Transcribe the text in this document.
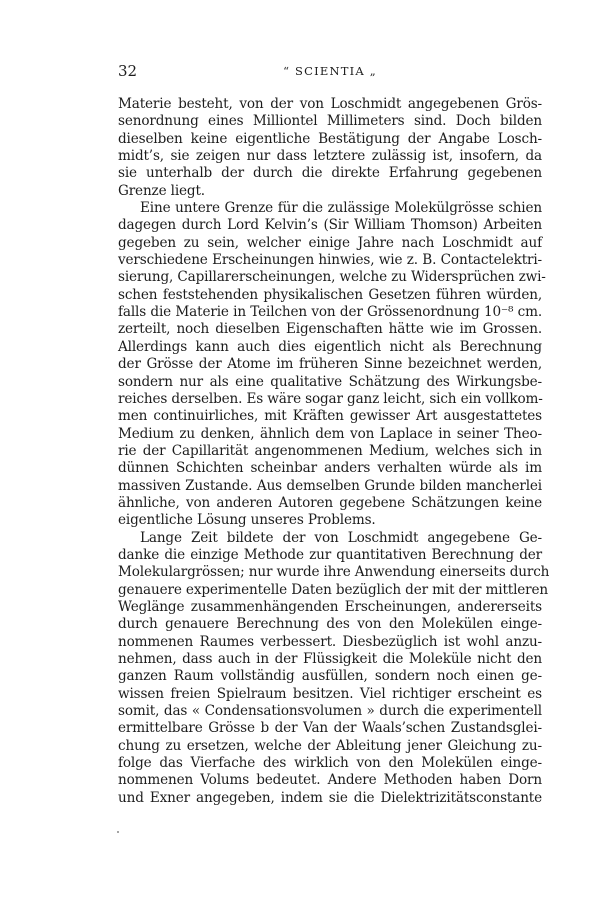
32	“ SCIENTIA „

Materie besteht, von der von Loschmidt angegebenen Grös-
senordnung eines Milliontel Millimeters sind. Doch bilden
dieselben keine eigentliche Bestätigung der Angabe Losch-
midt’s, sie zeigen nur dass letztere zulässig ist, insofern, da
sie unterhalb der durch die direkte Erfahrung gegebenen
Grenze liegt.

Eine untere Grenze für die zulässige Molekülgrösse schien
dagegen durch Lord Kelvin’s (Sir William Thomson) Arbeiten
gegeben zu sein, welcher einige Jahre nach Loschmidt auf
verschiedene Erscheinungen hinwies, wie z. B. Contactelektri-
sierung, Capillarerscheinungen, welche zu Widersprüchen zwi-
schen feststehenden physikalischen Gesetzen führen würden,
falls die Materie in Teilchen von der Grössenordnung 10⁻⁸ cm.
zerteilt, noch dieselben Eigenschaften hätte wie im Grossen.
Allerdings kann auch dies eigentlich nicht als Berechnung
der Grösse der Atome im früheren Sinne bezeichnet werden,
sondern nur als eine qualitative Schätzung des Wirkungsbe-
reiches derselben. Es wäre sogar ganz leicht, sich ein vollkom-
men continuirliches, mit Kräften gewisser Art ausgestattetes
Medium zu denken, ähnlich dem von Laplace in seiner Theo-
rie der Capillarität angenommenen Medium, welches sich in
dünnen Schichten scheinbar anders verhalten würde als im
massiven Zustande. Aus demselben Grunde bilden mancherlei
ähnliche, von anderen Autoren gegebene Schätzungen keine
eigentliche Lösung unseres Problems.

Lange Zeit bildete der von Loschmidt angegebene Ge-
danke die einzige Methode zur quantitativen Berechnung der
Molekulargrössen; nur wurde ihre Anwendung einerseits durch
genauere experimentelle Daten bezüglich der mit der mittleren
Weglänge zusammenhängenden Erscheinungen, andererseits
durch genauere Berechnung des von den Molekülen einge-
nommenen Raumes verbessert. Diesbezüglich ist wohl anzu-
nehmen, dass auch in der Flüssigkeit die Moleküle nicht den
ganzen Raum vollständig ausfüllen, sondern noch einen ge-
wissen freien Spielraum besitzen. Viel richtiger erscheint es
somit, das « Condensationsvolumen » durch die experimentell
ermittelbare Grösse b der Van der Waals’schen Zustandsglei-
chung zu ersetzen, welche der Ableitung jener Gleichung zu-
folge das Vierfache des wirklich von den Molekülen einge-
nommenen Volums bedeutet. Andere Methoden haben Dorn
und Exner angegeben, indem sie die Dielektrizitätsconstante
